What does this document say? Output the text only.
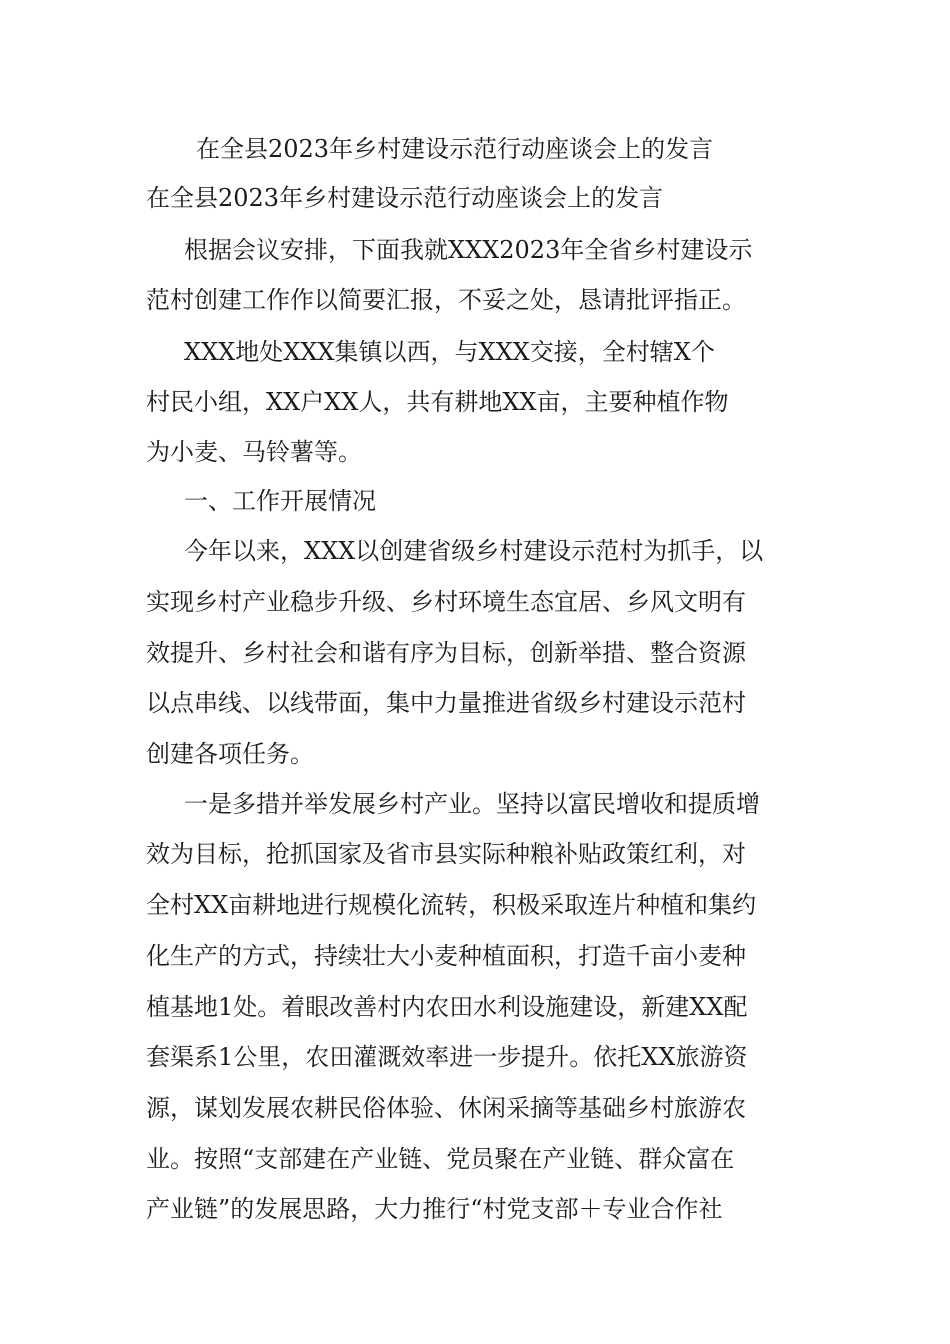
在全县2023年乡村建设示范行动座谈会上的发言
在全县2023年乡村建设示范行动座谈会上的发言
根据会议安排，下面我就XXX2023年全省乡村建设示
范村创建工作作以简要汇报，不妥之处，恳请批评指正。
XXX地处XXX集镇以西，与XXX交接，全村辖X个
村民小组，XX户XX人，共有耕地XX亩，主要种植作物
为小麦、马铃薯等。
一、工作开展情况
今年以来，XXX以创建省级乡村建设示范村为抓手，以
实现乡村产业稳步升级、乡村环境生态宜居、乡风文明有
效提升、乡村社会和谐有序为目标，创新举措、整合资源
以点串线、以线带面，集中力量推进省级乡村建设示范村
创建各项任务。
一是多措并举发展乡村产业。坚持以富民增收和提质增
效为目标，抢抓国家及省市县实际种粮补贴政策红利，对
全村XX亩耕地进行规模化流转，积极采取连片种植和集约
化生产的方式，持续壮大小麦种植面积，打造千亩小麦种
植基地1处。着眼改善村内农田水利设施建设，新建XX配
套渠系1公里，农田灌溉效率进一步提升。依托XX旅游资
源，谋划发展农耕民俗体验、休闲采摘等基础乡村旅游农
业。按照“支部建在产业链、党员聚在产业链、群众富在
产业链”的发展思路，大力推行“村党支部＋专业合作社
